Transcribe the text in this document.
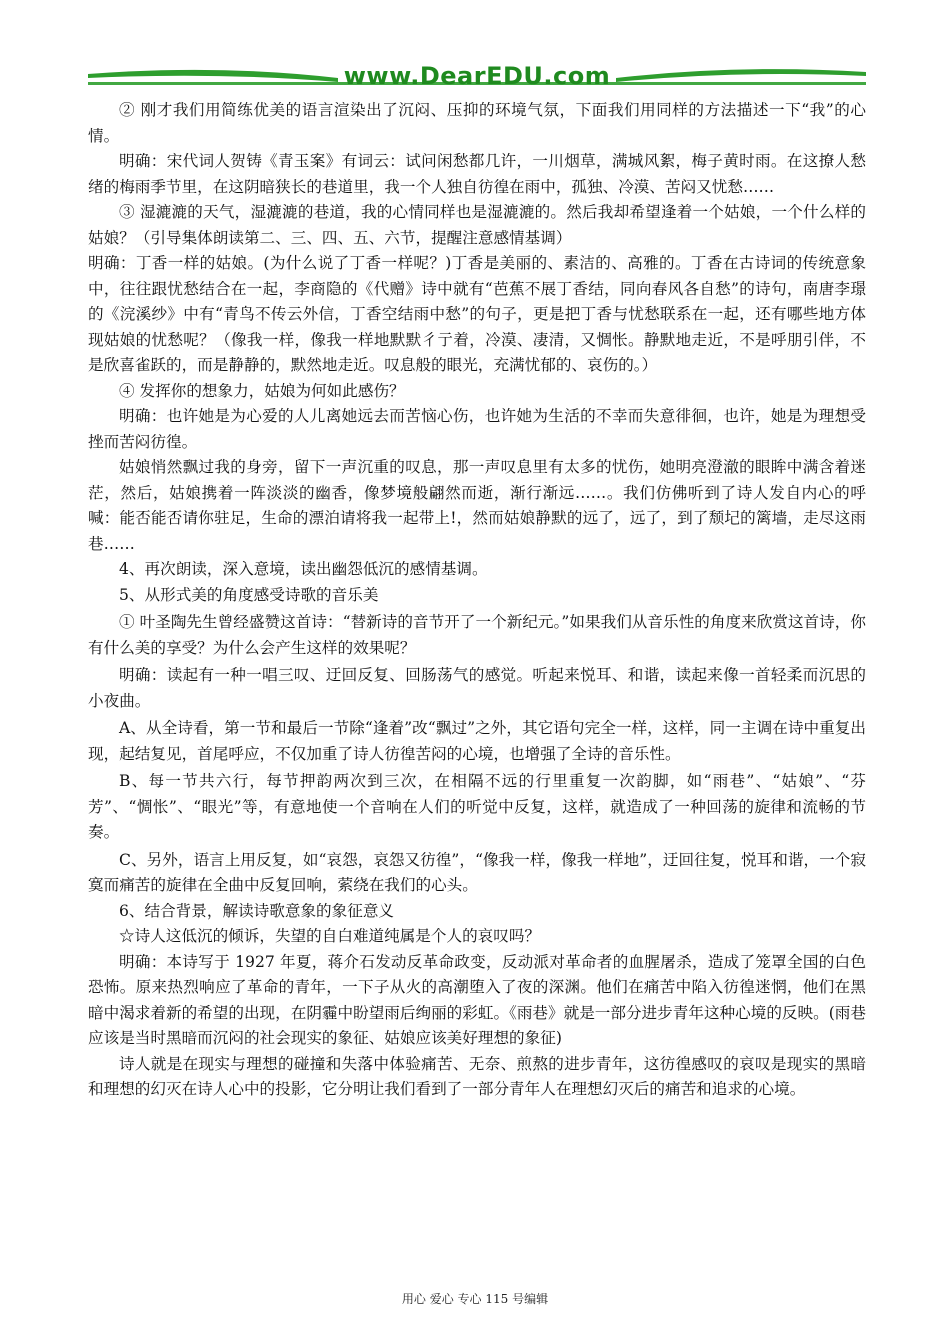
www.DearEDU.com

② 刚才我们用简练优美的语言渲染出了沉闷、压抑的环境气氛，下面我们用同样的方法描述一下“我”的心情。

明确：宋代词人贺铸《青玉案》有词云：试问闲愁都几许，一川烟草，满城风絮，梅子黄时雨。在这撩人愁绪的梅雨季节里，在这阴暗狭长的巷道里，我一个人独自彷徨在雨中，孤独、冷漠、苦闷又忧愁……

③ 湿漉漉的天气，湿漉漉的巷道，我的心情同样也是湿漉漉的。然后我却希望逢着一个姑娘，一个什么样的姑娘？（引导集体朗读第二、三、四、五、六节，提醒注意感情基调）

明确：丁香一样的姑娘。(为什么说了丁香一样呢？)丁香是美丽的、素洁的、高雅的。丁香在古诗词的传统意象中，往往跟忧愁结合在一起，李商隐的《代赠》诗中就有“芭蕉不展丁香结，同向春风各自愁”的诗句，南唐李璟的《浣溪纱》中有“青鸟不传云外信，丁香空结雨中愁”的句子，更是把丁香与忧愁联系在一起，还有哪些地方体现姑娘的忧愁呢？（像我一样，像我一样地默默彳亍着，冷漠、凄清，又惆怅。静默地走近，不是呼朋引伴，不是欣喜雀跃的，而是静静的，默然地走近。叹息般的眼光，充满忧郁的、哀伤的。）

④ 发挥你的想象力，姑娘为何如此感伤？

明确：也许她是为心爱的人儿离她远去而苦恼心伤，也许她为生活的不幸而失意徘徊，也许，她是为理想受挫而苦闷彷徨。

姑娘悄然飘过我的身旁，留下一声沉重的叹息，那一声叹息里有太多的忧伤，她明亮澄澈的眼眸中满含着迷茫，然后，姑娘携着一阵淡淡的幽香，像梦境般翩然而逝，渐行渐远……。我们仿佛听到了诗人发自内心的呼喊：能否能否请你驻足，生命的漂泊请将我一起带上!，然而姑娘静默的远了，远了，到了颓圮的篱墙，走尽这雨巷……

4、再次朗读，深入意境，读出幽怨低沉的感情基调。

5、从形式美的角度感受诗歌的音乐美

① 叶圣陶先生曾经盛赞这首诗：“替新诗的音节开了一个新纪元。”如果我们从音乐性的角度来欣赏这首诗，你有什么美的享受？为什么会产生这样的效果呢？

明确：读起有一种一唱三叹、迂回反复、回肠荡气的感觉。听起来悦耳、和谐，读起来像一首轻柔而沉思的小夜曲。

A、从全诗看，第一节和最后一节除“逢着”改“飘过”之外，其它语句完全一样，这样，同一主调在诗中重复出现，起结复见，首尾呼应，不仅加重了诗人彷徨苦闷的心境，也增强了全诗的音乐性。

B、每一节共六行，每节押韵两次到三次，在相隔不远的行里重复一次韵脚，如“雨巷”、“姑娘”、“芬芳”、“惆怅”、“眼光”等，有意地使一个音响在人们的听觉中反复，这样，就造成了一种回荡的旋律和流畅的节奏。

C、另外，语言上用反复，如“哀怨，哀怨又彷徨”，“像我一样，像我一样地”，迂回往复，悦耳和谐，一个寂寞而痛苦的旋律在全曲中反复回响，萦绕在我们的心头。

6、结合背景，解读诗歌意象的象征意义

☆诗人这低沉的倾诉，失望的自白难道纯属是个人的哀叹吗？

明确：本诗写于 1927 年夏，蒋介石发动反革命政变，反动派对革命者的血腥屠杀，造成了笼罩全国的白色恐怖。原来热烈响应了革命的青年，一下子从火的高潮堕入了夜的深渊。他们在痛苦中陷入彷徨迷惘，他们在黑暗中渴求着新的希望的出现，在阴霾中盼望雨后绚丽的彩虹。《雨巷》就是一部分进步青年这种心境的反映。(雨巷应该是当时黑暗而沉闷的社会现实的象征、姑娘应该美好理想的象征)

诗人就是在现实与理想的碰撞和失落中体验痛苦、无奈、煎熬的进步青年，这彷徨感叹的哀叹是现实的黑暗和理想的幻灭在诗人心中的投影，它分明让我们看到了一部分青年人在理想幻灭后的痛苦和追求的心境。

用心 爱心 专心 115 号编辑
